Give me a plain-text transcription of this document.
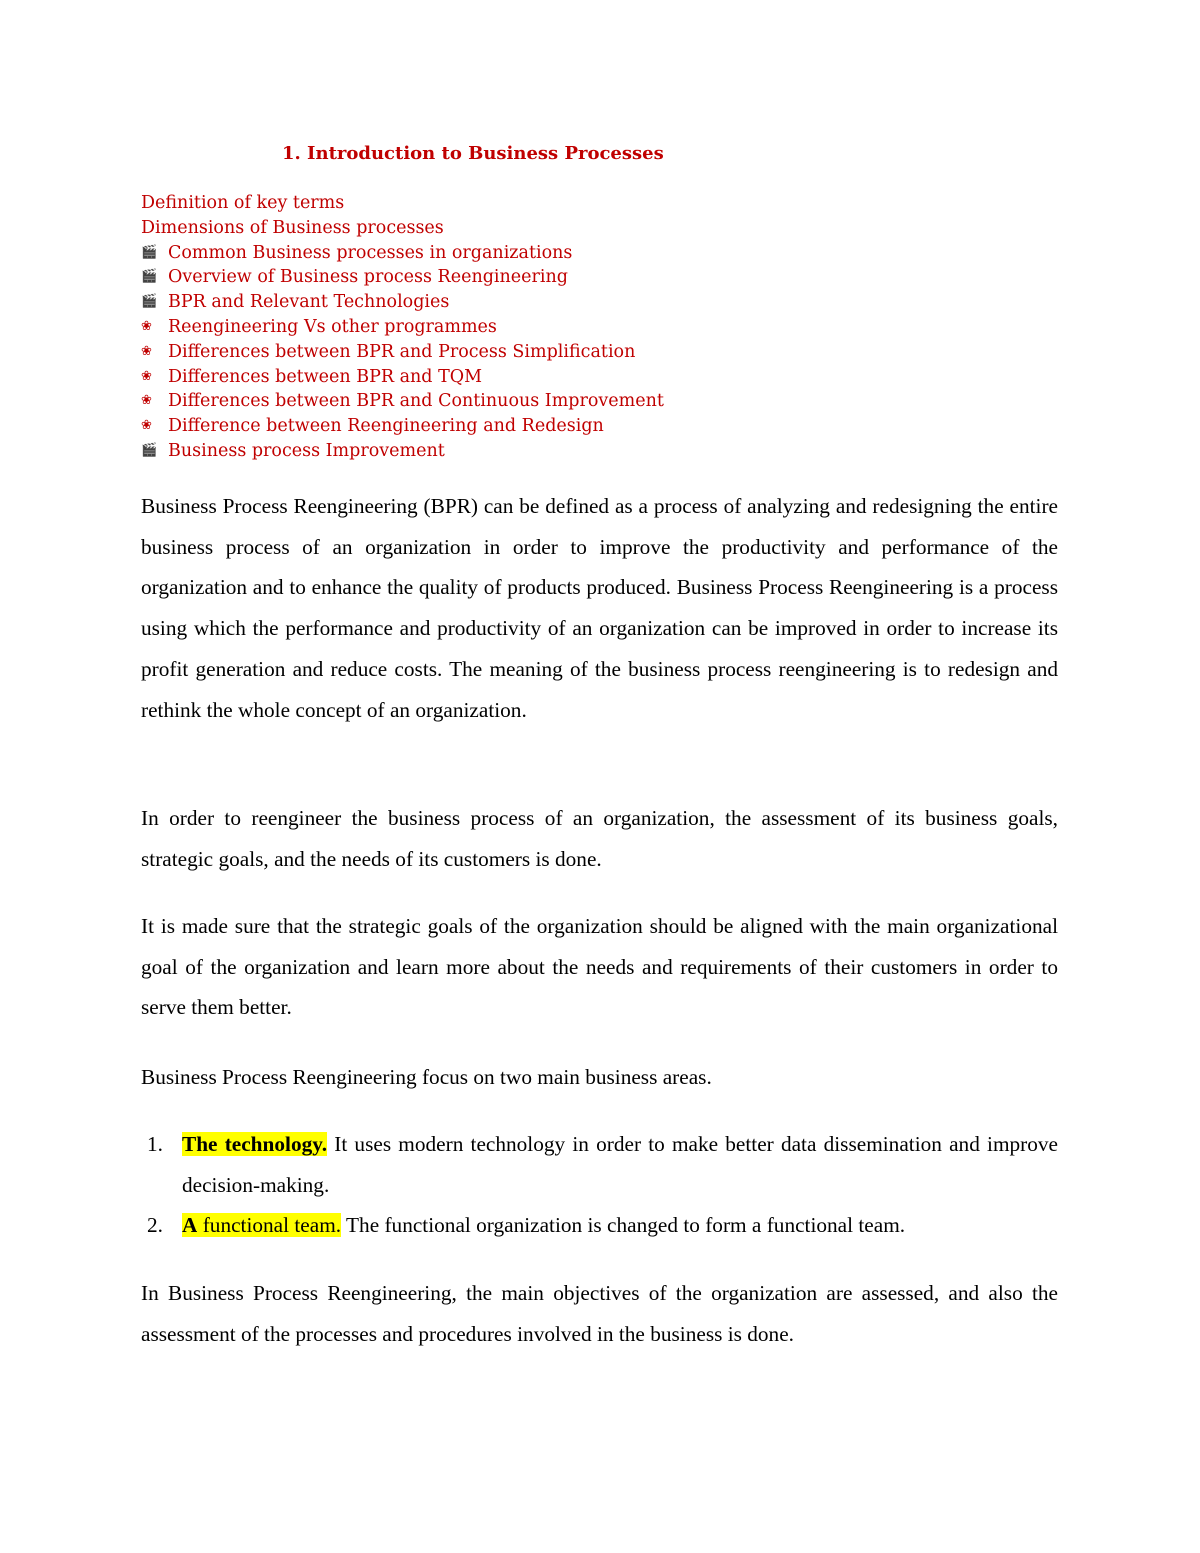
1. Introduction to Business Processes
Definition of key terms
Dimensions of Business processes
🎬 Common Business processes in organizations
🎬 Overview of Business process Reengineering
🎬 BPR and Relevant Technologies
❀ Reengineering Vs other programmes
❀ Differences between BPR and Process Simplification
❀ Differences between BPR and TQM
❀ Differences between BPR and Continuous Improvement
❀ Difference between Reengineering and Redesign
🎬 Business process Improvement
Business Process Reengineering (BPR) can be defined as a process of analyzing and redesigning the entire business process of an organization in order to improve the productivity and performance of the organization and to enhance the quality of products produced. Business Process Reengineering is a process using which the performance and productivity of an organization can be improved in order to increase its profit generation and reduce costs. The meaning of the business process reengineering is to redesign and rethink the whole concept of an organization.
In order to reengineer the business process of an organization, the assessment of its business goals, strategic goals, and the needs of its customers is done.
It is made sure that the strategic goals of the organization should be aligned with the main organizational goal of the organization and learn more about the needs and requirements of their customers in order to serve them better.
Business Process Reengineering focus on two main business areas.
1. The technology. It uses modern technology in order to make better data dissemination and improve decision-making.
2. A functional team. The functional organization is changed to form a functional team.
In Business Process Reengineering, the main objectives of the organization are assessed, and also the assessment of the processes and procedures involved in the business is done.
